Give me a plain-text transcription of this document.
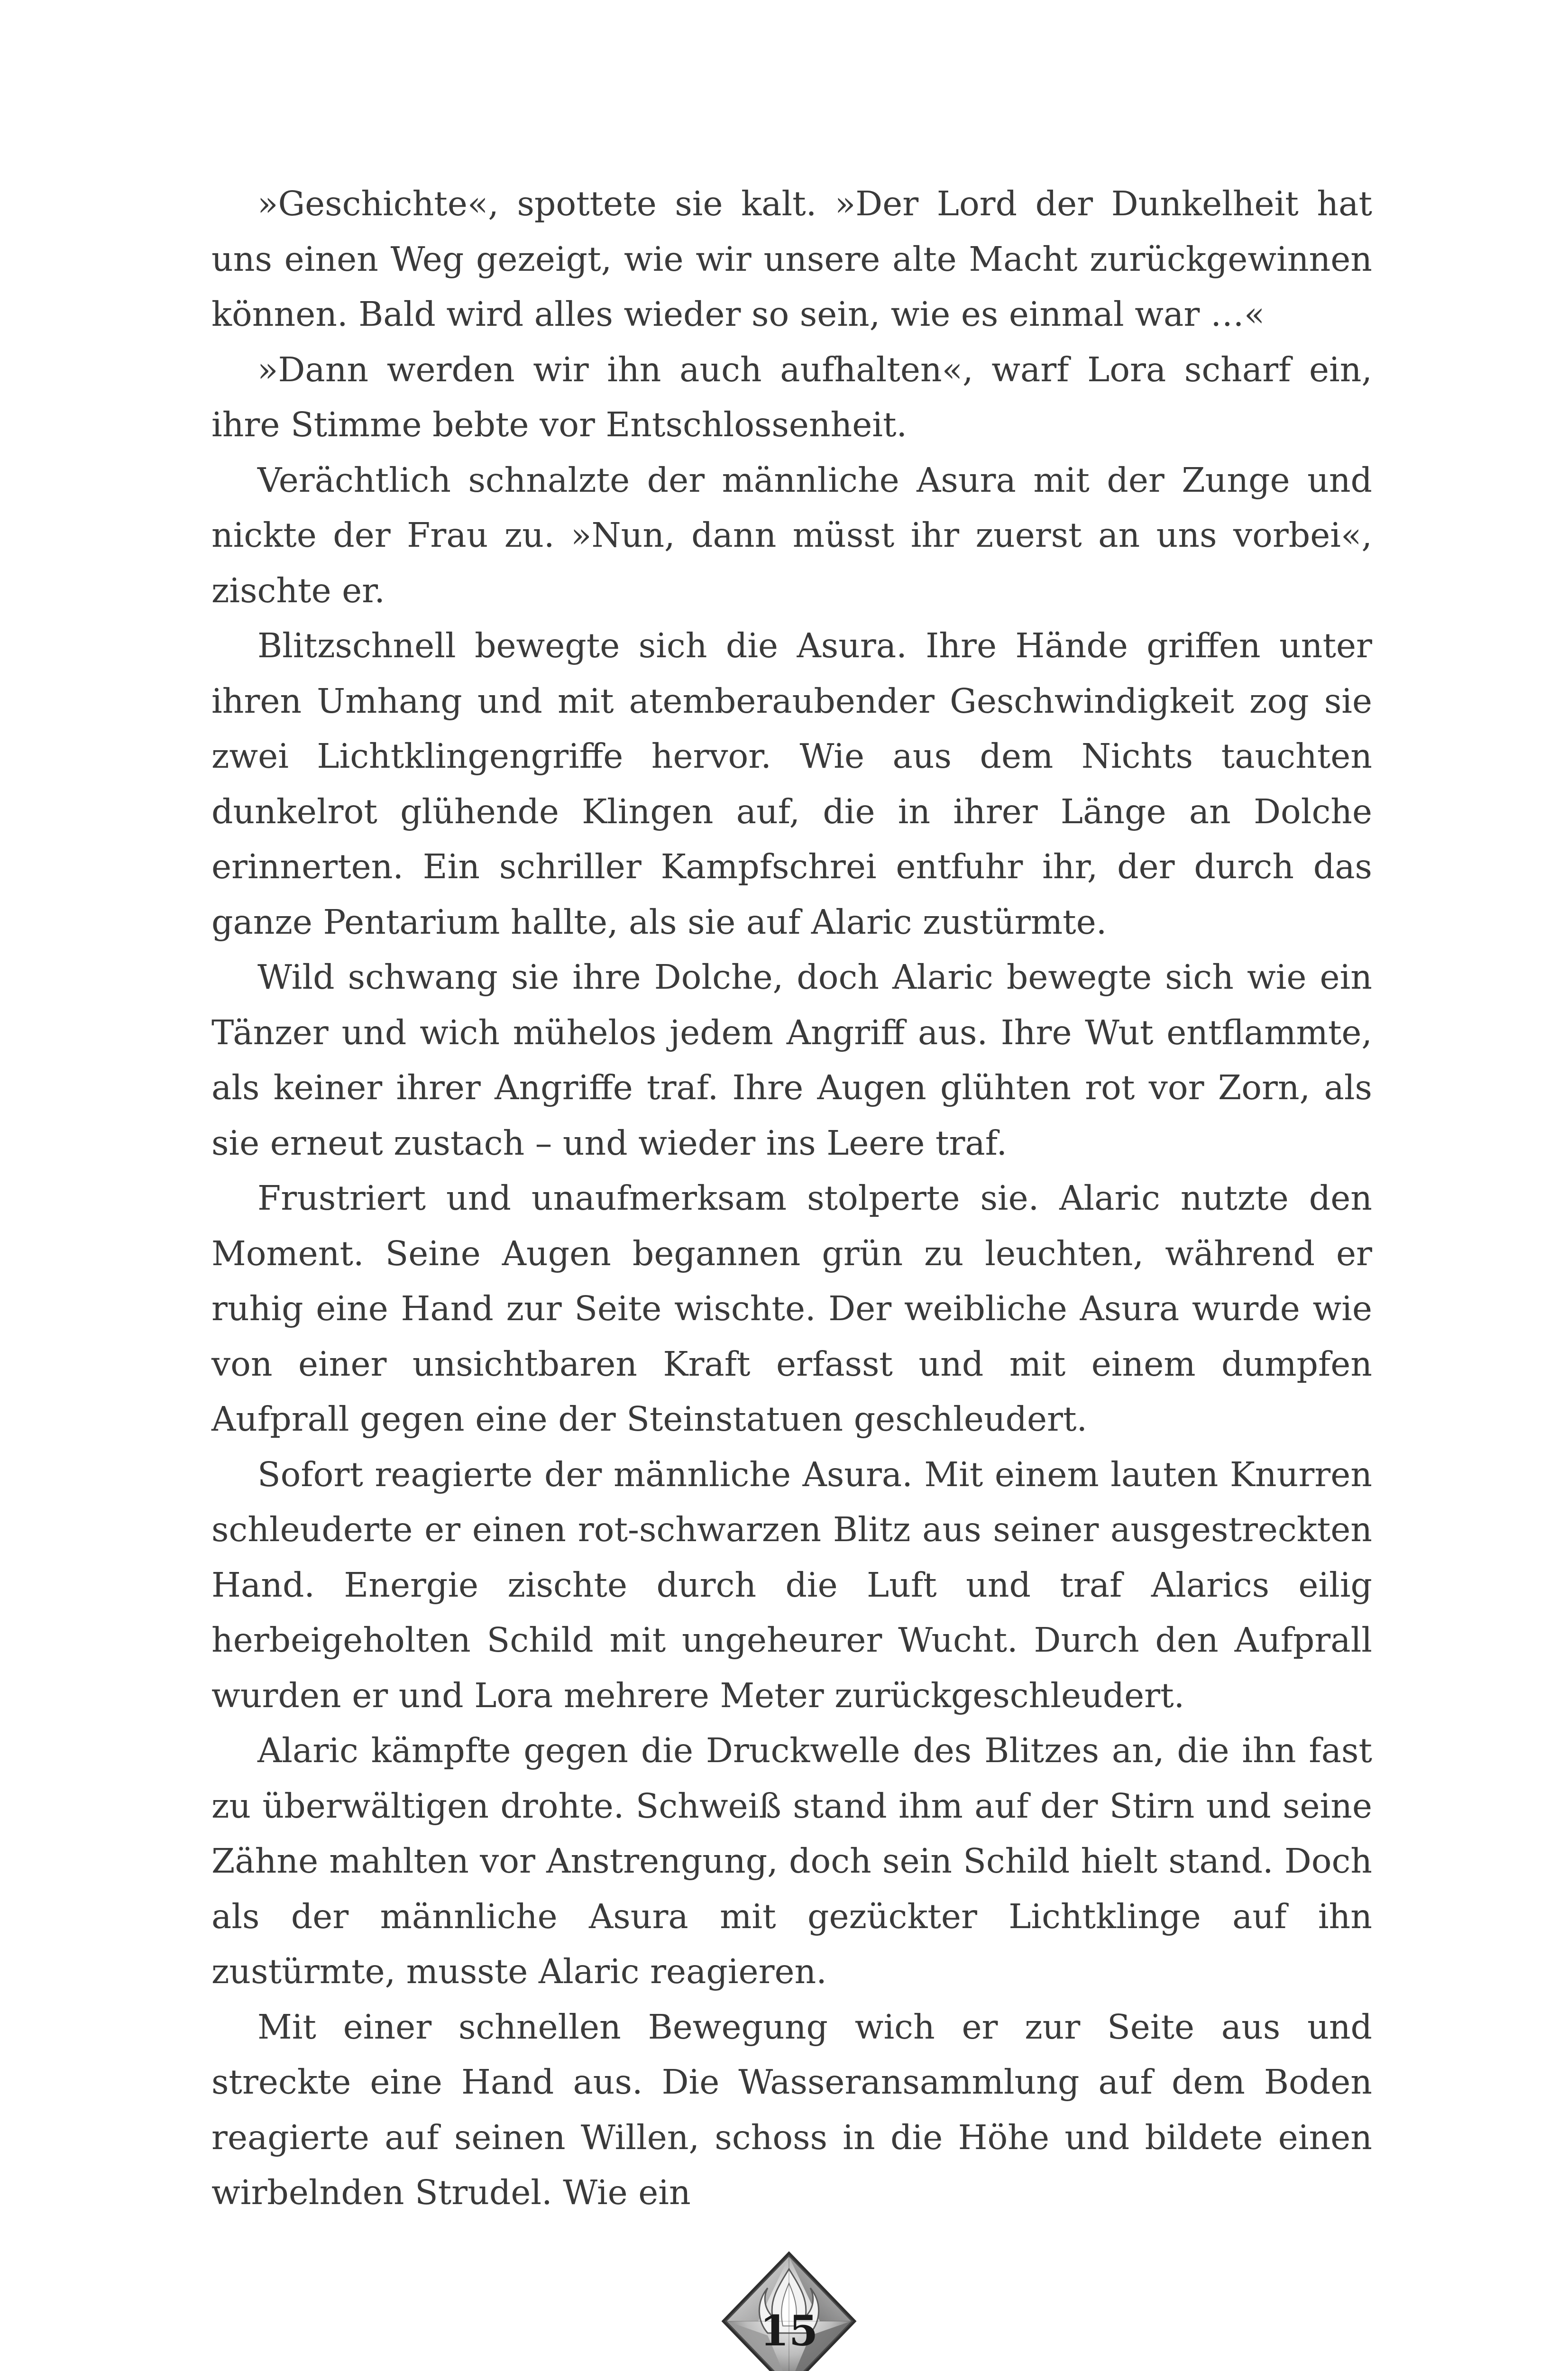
»Geschichte«, spottete sie kalt. »Der Lord der Dunkelheit hat uns einen Weg gezeigt, wie wir unsere alte Macht zurückgewinnen können. Bald wird alles wieder so sein, wie es einmal war …«

»Dann werden wir ihn auch aufhalten«, warf Lora scharf ein, ihre Stimme bebte vor Entschlossenheit.

Verächtlich schnalzte der männliche Asura mit der Zunge und nickte der Frau zu. »Nun, dann müsst ihr zuerst an uns vorbei«, zischte er.

Blitzschnell bewegte sich die Asura. Ihre Hände griffen unter ihren Umhang und mit atemberaubender Geschwindigkeit zog sie zwei Lichtklingengriffe hervor. Wie aus dem Nichts tauchten dunkelrot glühende Klingen auf, die in ihrer Länge an Dolche erinnerten. Ein schriller Kampfschrei entfuhr ihr, der durch das ganze Pentarium hallte, als sie auf Alaric zustürmte.

Wild schwang sie ihre Dolche, doch Alaric bewegte sich wie ein Tänzer und wich mühelos jedem Angriff aus. Ihre Wut entflammte, als keiner ihrer Angriffe traf. Ihre Augen glühten rot vor Zorn, als sie erneut zustach – und wieder ins Leere traf.

Frustriert und unaufmerksam stolperte sie. Alaric nutzte den Moment. Seine Augen begannen grün zu leuchten, während er ruhig eine Hand zur Seite wischte. Der weibliche Asura wurde wie von einer unsichtbaren Kraft erfasst und mit einem dumpfen Aufprall gegen eine der Steinstatuen geschleudert.

Sofort reagierte der männliche Asura. Mit einem lauten Knurren schleuderte er einen rot-schwarzen Blitz aus seiner ausgestreckten Hand. Energie zischte durch die Luft und traf Alarics eilig herbeigeholten Schild mit ungeheurer Wucht. Durch den Aufprall wurden er und Lora mehrere Meter zurückgeschleudert.

Alaric kämpfte gegen die Druckwelle des Blitzes an, die ihn fast zu überwältigen drohte. Schweiß stand ihm auf der Stirn und seine Zähne mahlten vor Anstrengung, doch sein Schild hielt stand. Doch als der männliche Asura mit gezückter Lichtklinge auf ihn zustürmte, musste Alaric reagieren.

Mit einer schnellen Bewegung wich er zur Seite aus und streckte eine Hand aus. Die Wasseransammlung auf dem Boden reagierte auf seinen Willen, schoss in die Höhe und bildete einen wirbelnden Strudel. Wie ein

15
